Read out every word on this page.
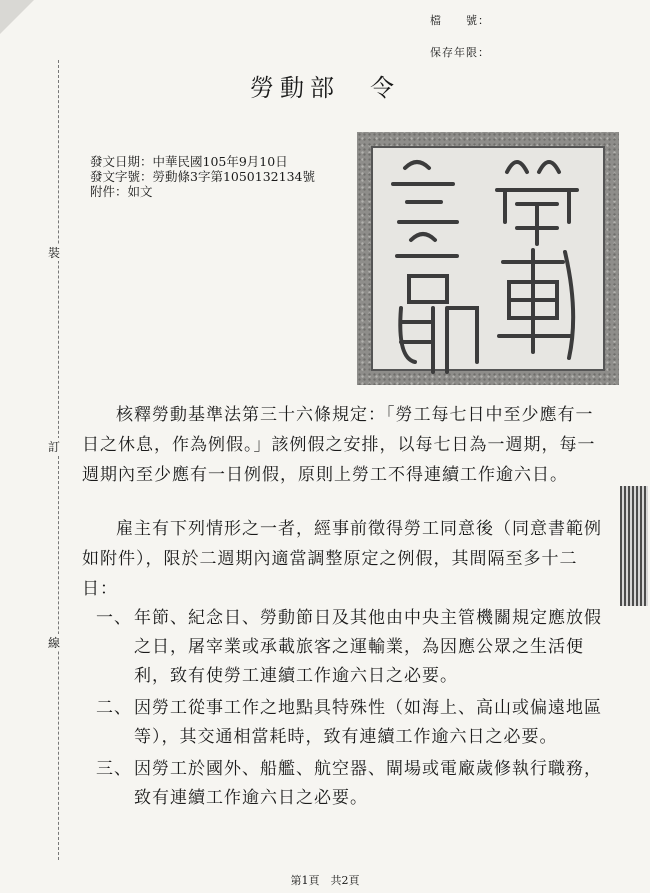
檔　　號：
保存年限：
裝
訂
線
勞動部　令
發文日期：中華民國105年9月10日
發文字號：勞動條3字第1050132134號
附件：如文
核釋勞動基準法第三十六條規定：「勞工每七日中至少應有一日之休息，作為例假。」該例假之安排，以每七日為一週期，每一週期內至少應有一日例假，原則上勞工不得連續工作逾六日。
雇主有下列情形之一者，經事前徵得勞工同意後（同意書範例如附件），限於二週期內適當調整原定之例假，其間隔至多十二日：
一、 年節、紀念日、勞動節日及其他由中央主管機關規定應放假之日，屠宰業或承載旅客之運輸業，為因應公眾之生活便利，致有使勞工連續工作逾六日之必要。
二、 因勞工從事工作之地點具特殊性（如海上、高山或偏遠地區等），其交通相當耗時，致有連續工作逾六日之必要。
三、 因勞工於國外、船艦、航空器、閘場或電廠歲修執行職務，致有連續工作逾六日之必要。
第1頁　共2頁
